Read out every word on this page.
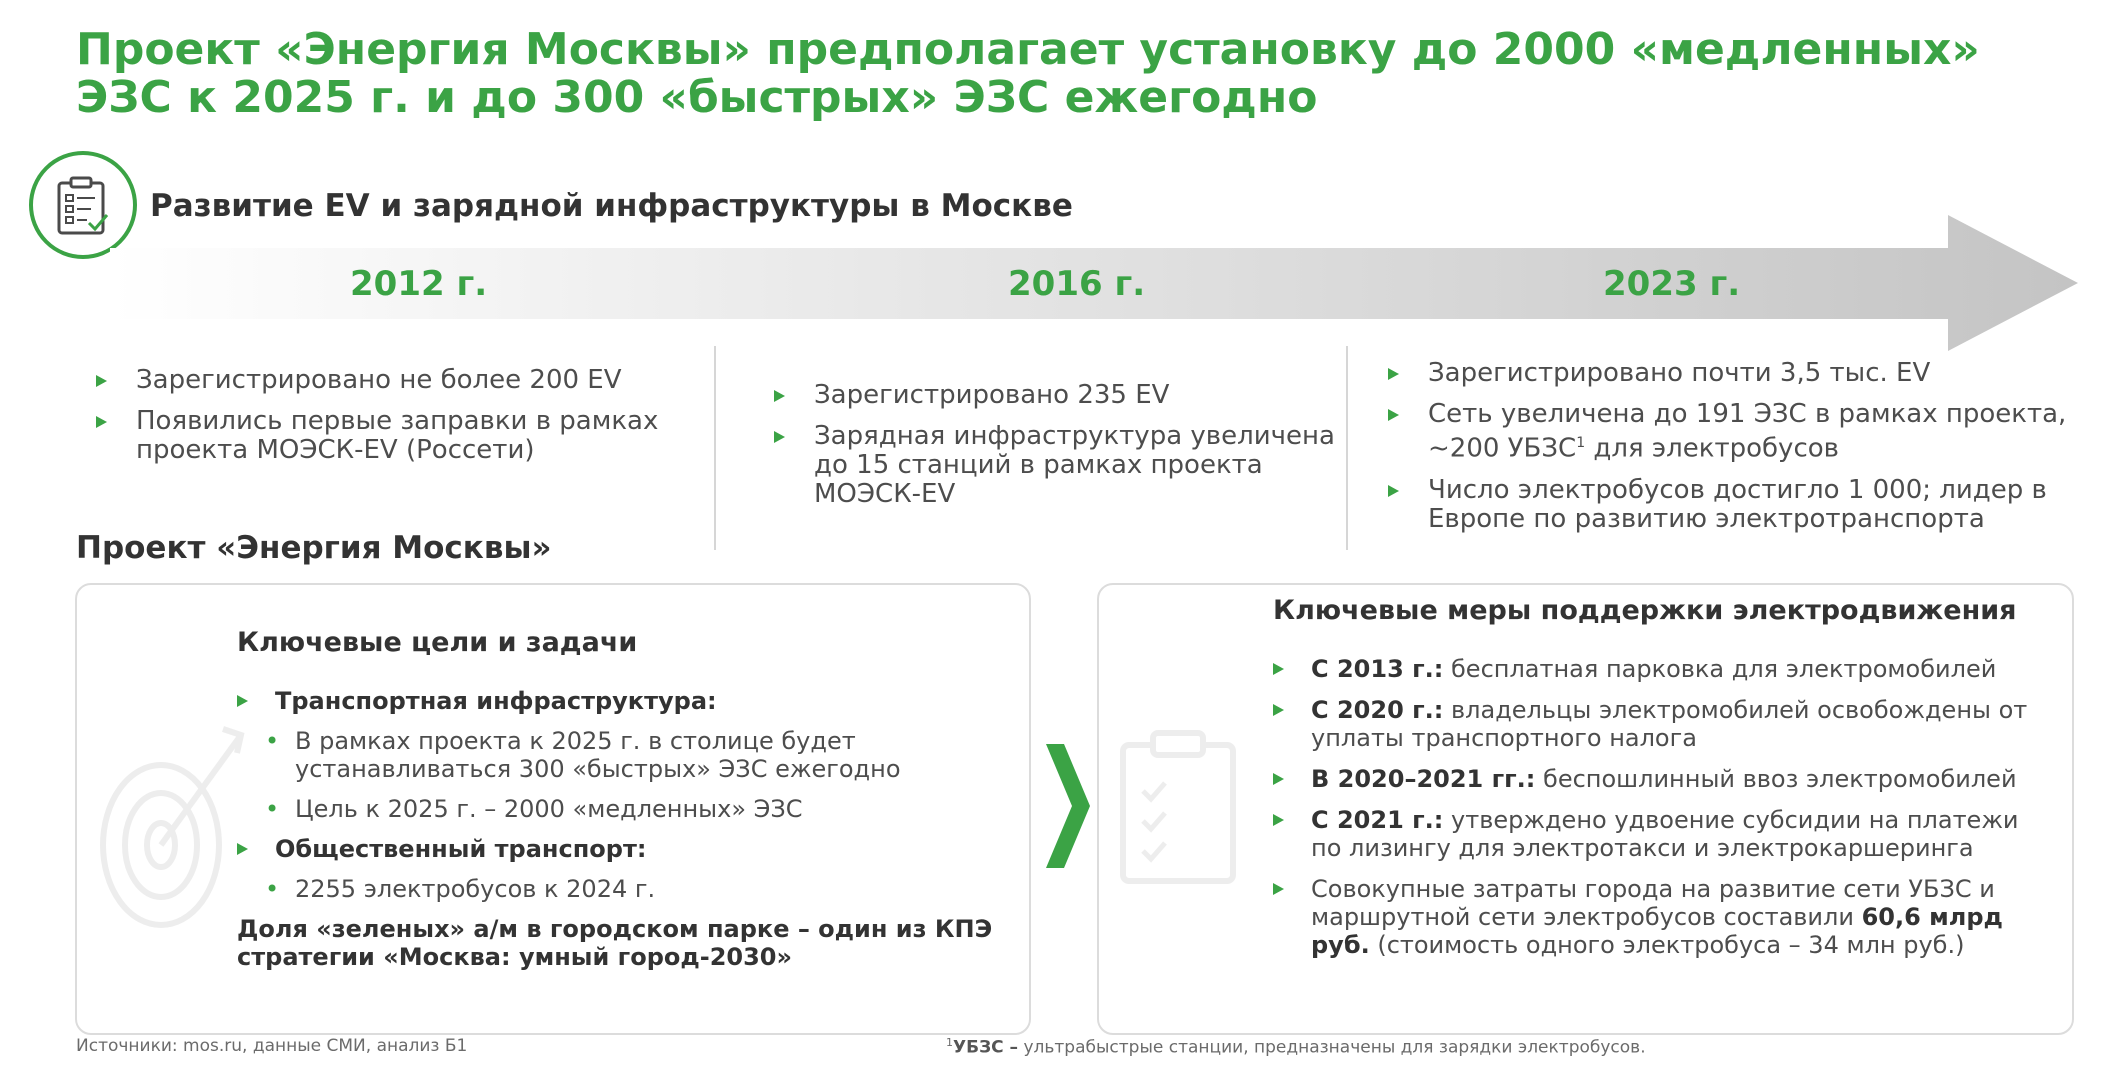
Проект «Энергия Москвы» предполагает установку до 2000 «медленных» ЭЗС к 2025 г. и до 300 «быстрых» ЭЗС ежегодно
Развитие EV и зарядной инфраструктуры в Москве
2012 г.	2016 г.	2023 г.
Зарегистрировано не более 200 EV
Появились первые заправки в рамках проекта МОЭСК-EV (Россети)
Зарегистрировано 235 EV
Зарядная инфраструктура увеличена до 15 станций в рамках проекта МОЭСК-EV
Зарегистрировано почти 3,5 тыс. EV
Сеть увеличена до 191 ЭЗС в рамках проекта, ~200 УБЗС$^1$ для электробусов
Число электробусов достигло 1 000; лидер в Европе по развитию электротранспорта
Проект «Энергия Москвы»
Ключевые цели и задачи
Транспортная инфраструктура:
• В рамках проекта к 2025 г. в столице будет устанавливаться 300 «быстрых» ЭЗС ежегодно
• Цель к 2025 г. – 2000 «медленных» ЭЗС
Общественный транспорт:
• 2255 электробусов к 2024 г.
Доля «зеленых» а/м в городском парке – один из КПЭ стратегии «Москва: умный город-2030»
Ключевые меры поддержки электродвижения
С 2013 г.: бесплатная парковка для электромобилей
С 2020 г.: владельцы электромобилей освобождены от уплаты транспортного налога
В 2020–2021 гг.: беспошлинный ввоз электромобилей
С 2021 г.: утверждено удвоение субсидии на платежи по лизингу для электротакси и электрокаршеринга
Совокупные затраты города на развитие сети УБЗС и маршрутной сети электробусов составили 60,6 млрд руб. (стоимость одного электробуса – 34 млн руб.)
Источники: mos.ru, данные СМИ, анализ Б1	$^1$УБЗС – ультрабыстрые станции, предназначены для зарядки электробусов.
